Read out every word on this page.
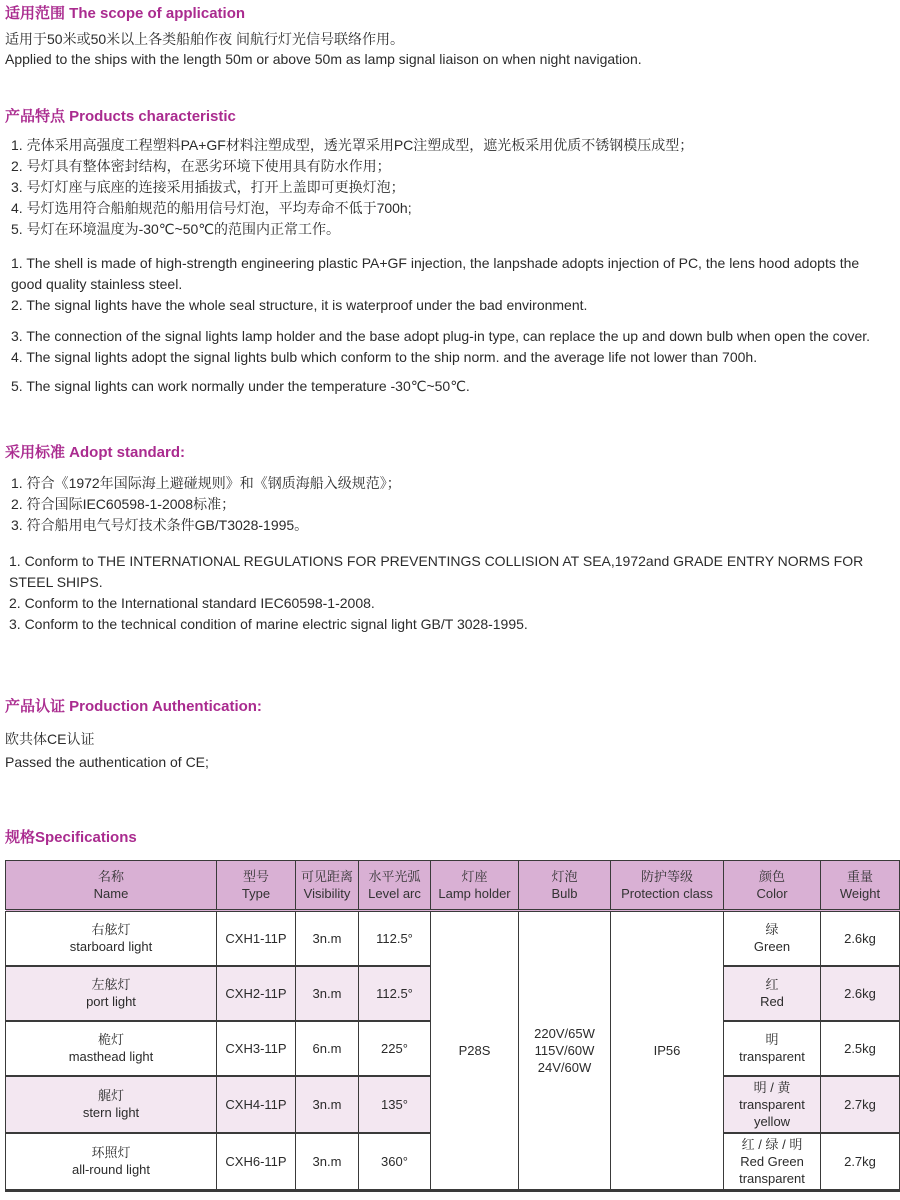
适用范围 The scope of application

适用于50米或50米以上各类船舶作夜 间航行灯光信号联络作用。

Applied to the ships with the length 50m or above 50m as lamp signal liaison on when night navigation.

产品特点 Products characteristic

1. 壳体采用高强度工程塑料PA+GF材料注塑成型，透光罩采用PC注塑成型，遮光板采用优质不锈钢模压成型；

2. 号灯具有整体密封结构，在恶劣环境下使用具有防水作用；

3. 号灯灯座与底座的连接采用插拔式，打开上盖即可更换灯泡；

4. 号灯选用符合船舶规范的船用信号灯泡，平均寿命不低于700h;

5. 号灯在环境温度为-30℃~50℃的范围内正常工作。

1. The shell is made of high-strength engineering plastic PA+GF injection, the lanpshade adopts injection of PC, the lens hood adopts the good quality stainless steel.

2. The signal lights have the whole seal structure, it is waterproof under the bad environment.

3. The connection of the signal lights lamp holder and the base adopt plug-in type, can replace the up and down bulb when open the cover.

4. The signal lights adopt the signal lights bulb which conform to the ship norm. and the average life not lower than 700h.

5. The signal lights can work normally under the temperature -30℃~50℃.

采用标准 Adopt standard:

1. 符合《1972年国际海上避碰规则》和《钢质海船入级规范》；

2. 符合国际IEC60598-1-2008标准；

3. 符合船用电气号灯技术条件GB/T3028-1995。

1. Conform to THE INTERNATIONAL REGULATIONS FOR PREVENTINGS COLLISION AT SEA,1972and GRADE ENTRY NORMS FOR STEEL SHIPS.

2. Conform to the International standard IEC60598-1-2008.

3. Conform to the technical condition of marine electric signal light GB/T 3028-1995.

产品认证 Production Authentication:

欧共体CE认证

Passed the authentication of CE;

规格Specifications
名称
Name	型号
Type	可见距离
Visibility	水平光弧
Level arc	灯座
Lamp holder	灯泡
Bulb	防护等级
Protection class	颜色
Color	重量
Weight

右舷灯
starboard light	CXH1-11P	3n.m	112.5°	P28S	220V/65W
115V/60W
24V/60W	IP56	绿
Green	2.6kg

左舷灯
port light	CXH2-11P	3n.m	112.5°				红
Red	2.6kg

桅灯
masthead light	CXH3-11P	6n.m	225°				明
transparent	2.5kg

艉灯
stern light	CXH4-11P	3n.m	135°				明 / 黄
transparent
yellow	2.7kg

环照灯
all-round light	CXH6-11P	3n.m	360°				红 / 绿 / 明
Red Green
transparent	2.7kg
